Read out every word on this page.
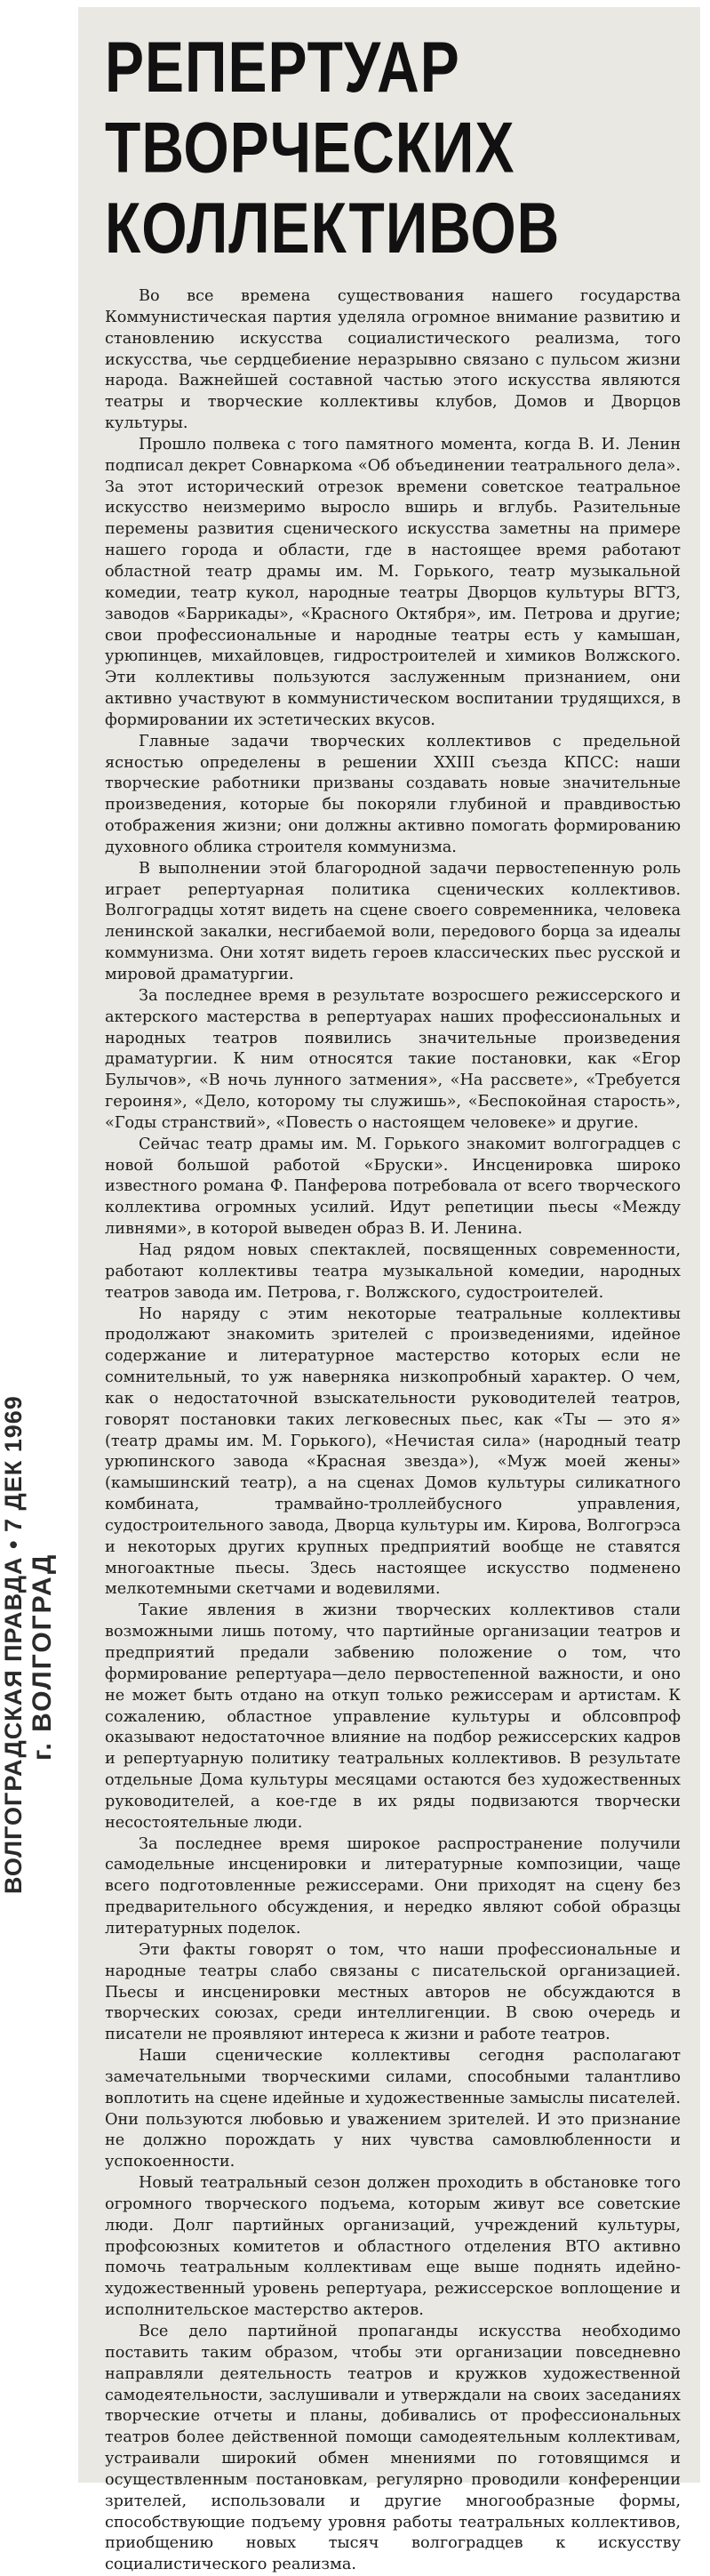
ВОЛГОГРАДСКАЯ ПРАВДА • 7 ДЕК 1969 г. ВОЛГОГРАД
РЕПЕРТУАР
ТВОРЧЕСКИХ
КОЛЛЕКТИВОВ

Во все времена существования нашего государства Коммунистическая партия уделяла огромное внимание развитию и становлению искусства социалистического реализма, того искусства, чье сердцебиение неразрывно связано с пульсом жизни народа. Важнейшей составной частью этого искусства являются театры и творческие коллективы клубов, Домов и Дворцов культуры.

Прошло полвека с того памятного момента, когда В. И. Ленин подписал декрет Совнаркома «Об объединении театрального дела». За этот исторический отрезок времени советское театральное искусство неизмеримо выросло вширь и вглубь. Разительные перемены развития сценического искусства заметны на примере нашего города и области, где в настоящее время работают областной театр драмы им. М. Горького, театр музыкальной комедии, театр кукол, народные театры Дворцов культуры ВГТЗ, заводов «Баррикады», «Красного Октября», им. Петрова и другие; свои профессиональные и народные театры есть у камышан, урюпинцев, михайловцев, гидростроителей и химиков Волжского. Эти коллективы пользуются заслуженным признанием, они активно участвуют в коммунистическом воспитании трудящихся, в формировании их эстетических вкусов.

Главные задачи творческих коллективов с предельной ясностью определены в решении XXIII съезда КПСС: наши творческие работники призваны создавать новые значительные произведения, которые бы покоряли глубиной и правдивостью отображения жизни; они должны активно помогать формированию духовного облика строителя коммунизма.

В выполнении этой благородной задачи первостепенную роль играет репертуарная политика сценических коллективов. Волгоградцы хотят видеть на сцене своего современника, человека ленинской закалки, несгибаемой воли, передового борца за идеалы коммунизма. Они хотят видеть героев классических пьес русской и мировой драматургии.

За последнее время в результате возросшего режиссерского и актерского мастерства в репертуарах наших профессиональных и народных театров появились значительные произведения драматургии. К ним относятся такие постановки, как «Егор Булычов», «В ночь лунного затмения», «На рассвете», «Требуется героиня», «Дело, которому ты служишь», «Беспокойная старость», «Годы странствий», «Повесть о настоящем человеке» и другие.

Сейчас театр драмы им. М. Горького знакомит волгоградцев с новой большой работой «Бруски». Инсценировка широко известного романа Ф. Панферова потребовала от всего творческого коллектива огромных усилий. Идут репетиции пьесы «Между ливнями», в которой выведен образ В. И. Ленина.

Над рядом новых спектаклей, посвященных современности, работают коллективы театра музыкальной комедии, народных театров завода им. Петрова, г. Волжского, судостроителей.

Но наряду с этим некоторые театральные коллективы продолжают знакомить зрителей с произведениями, идейное содержание и литературное мастерство которых если не сомнительный, то уж наверняка низкопробный характер. О чем, как о недостаточной взыскательности руководителей театров, говорят постановки таких легковесных пьес, как «Ты — это я» (театр драмы им. М. Горького), «Нечистая сила» (народный театр урюпинского завода «Красная звезда»), «Муж моей жены» (камышинский театр), а на сценах Домов культуры силикатного комбината, трамвайно-троллейбусного управления, судостроительного завода, Дворца культуры им. Кирова, Волгогрэса и некоторых других крупных предприятий вообще не ставятся многоактные пьесы. Здесь настоящее искусство подменено мелкотемными скетчами и водевилями.

Такие явления в жизни творческих коллективов стали возможными лишь потому, что партийные организации театров и предприятий предали забвению положение о том, что формирование репертуара—дело первостепенной важности, и оно не может быть отдано на откуп только режиссерам и артистам. К сожалению, областное управление культуры и облсовпроф оказывают недостаточное влияние на подбор режиссерских кадров и репертуарную политику театральных коллективов. В результате отдельные Дома культуры месяцами остаются без художественных руководителей, а кое-где в их ряды подвизаются творчески несостоятельные люди.

За последнее время широкое распространение получили самодельные инсценировки и литературные композиции, чаще всего подготовленные режиссерами. Они приходят на сцену без предварительного обсуждения, и нередко являют собой образцы литературных поделок.

Эти факты говорят о том, что наши профессиональные и народные театры слабо связаны с писательской организацией. Пьесы и инсценировки местных авторов не обсуждаются в творческих союзах, среди интеллигенции. В свою очередь и писатели не проявляют интереса к жизни и работе театров.

Наши сценические коллективы сегодня располагают замечательными творческими силами, способными талантливо воплотить на сцене идейные и художественные замыслы писателей. Они пользуются любовью и уважением зрителей. И это признание не должно порождать у них чувства самовлюбленности и успокоенности.

Новый театральный сезон должен проходить в обстановке того огромного творческого подъема, которым живут все советские люди. Долг партийных организаций, учреждений культуры, профсоюзных комитетов и областного отделения ВТО активно помочь театральным коллективам еще выше поднять идейно-художественный уровень репертуара, режиссерское воплощение и исполнительское мастерство актеров.

Все дело партийной пропаганды искусства необходимо поставить таким образом, чтобы эти организации повседневно направляли деятельность театров и кружков художественной самодеятельности, заслушивали и утверждали на своих заседаниях творческие отчеты и планы, добивались от профессиональных театров более действенной помощи самодеятельным коллективам, устраивали широкий обмен мнениями по готовящимся и осуществленным постановкам, регулярно проводили конференции зрителей, использовали и другие многообразные формы, способствующие подъему уровня работы театральных коллективов, приобщению новых тысяч волгоградцев к искусству социалистического реализма.
